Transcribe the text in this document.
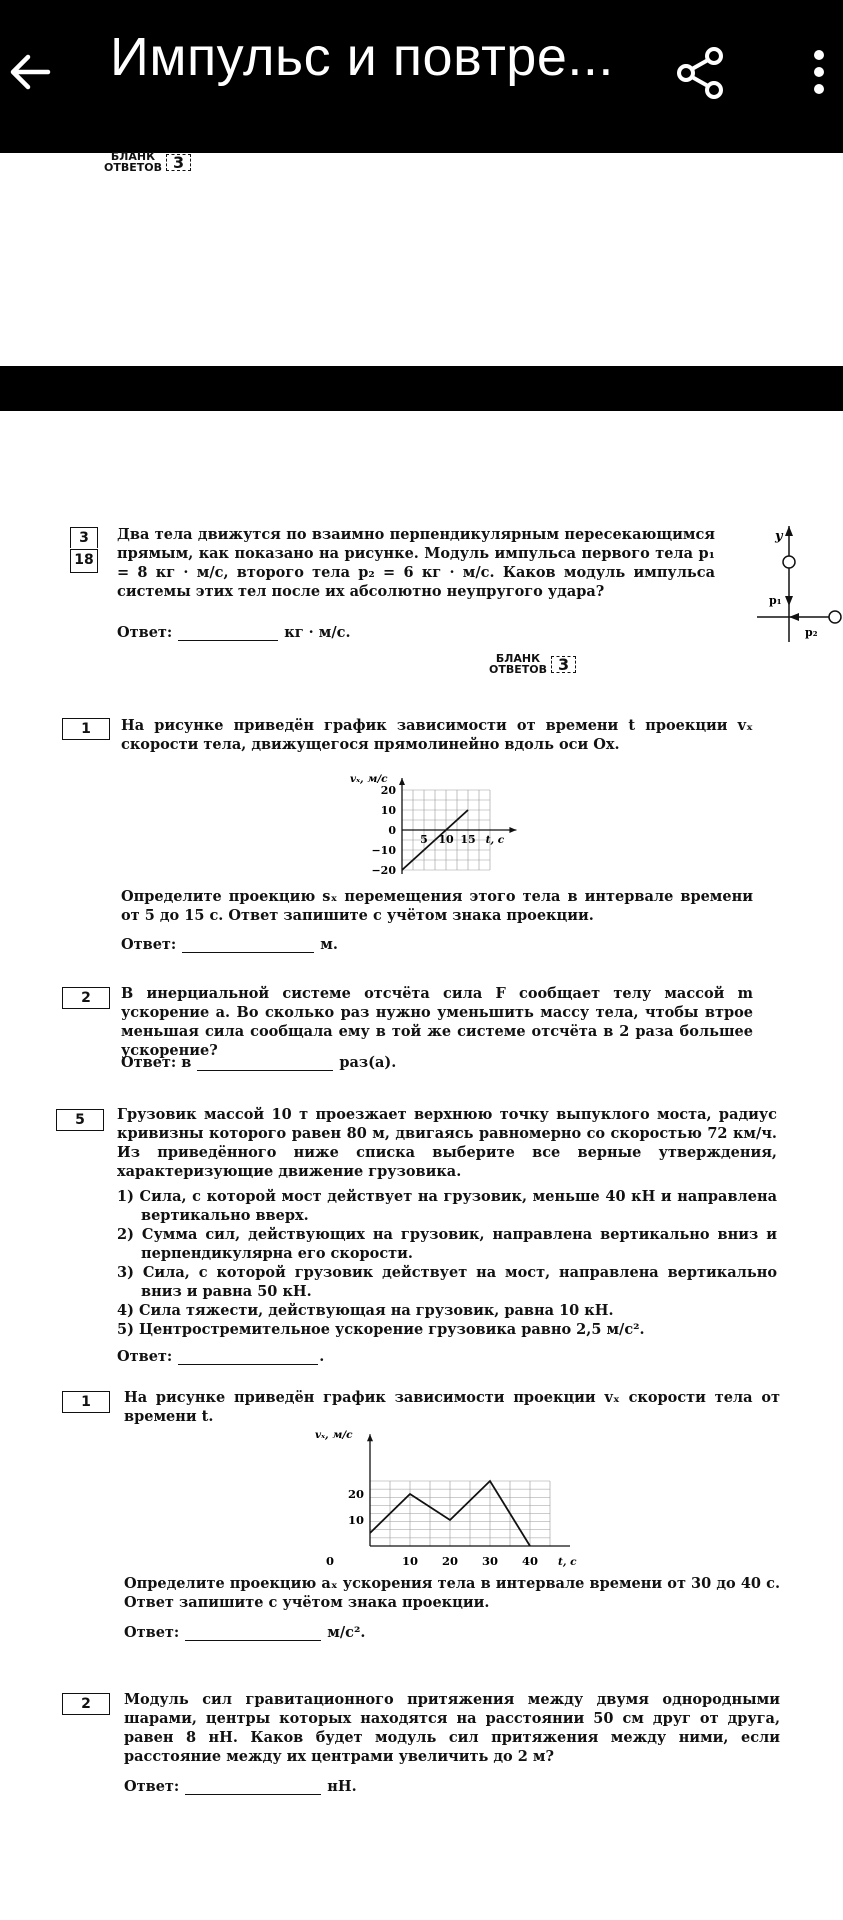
Импульс и повтре...
БЛАНК ОТВЕТОВ 3
3
18
Два тела движутся по взаимно перпендикулярным пересекающимся прямым, как показано на рисунке. Модуль импульса первого тела p₁ = 8 кг · м/с, второго тела p₂ = 6 кг · м/с. Каков модуль импульса системы этих тел после их абсолютно неупругого удара?
Ответ:	кг · м/с.
y
p₁
p₂
БЛАНК ОТВЕТОВ 3
1	На рисунке приведён график зависимости от времени t проекции vₓ скорости тела, движущегося прямолинейно вдоль оси Ox.
20
10
0
−10
−20
5 10 15
vₓ, м/с
t, с
Определите проекцию sₓ перемещения этого тела в интервале времени от 5 до 15 с. Ответ запишите с учётом знака проекции.
Ответ:	м.
2	В инерциальной системе отсчёта сила F сообщает телу массой m ускорение a. Во сколько раз нужно уменьшить массу тела, чтобы втрое меньшая сила сообщала ему в той же системе отсчёта в 2 раза большее ускорение?
Ответ: в	раз(а).
5	Грузовик массой 10 т проезжает верхнюю точку выпуклого моста, радиус кривизны которого равен 80 м, двигаясь равномерно со скоростью 72 км/ч. Из приведённого ниже списка выберите все верные утверждения, характеризующие движение грузовика.
1) Сила, с которой мост действует на грузовик, меньше 40 кН и направлена вертикально вверх.
2) Сумма сил, действующих на грузовик, направлена вертикально вниз и перпендикулярна его скорости.
3) Сила, с которой грузовик действует на мост, направлена вертикально вниз и равна 50 кН.
4) Сила тяжести, действующая на грузовик, равна 10 кН.
5) Центростремительное ускорение грузовика равно 2,5 м/с².
Ответ:	.
1	На рисунке приведён график зависимости проекции vₓ скорости тела от времени t.
10
20
0	10 20 30 40
vₓ, м/с
t, с
Определите проекцию aₓ ускорения тела в интервале времени от 30 до 40 с. Ответ запишите с учётом знака проекции.
Ответ:	м/с².
2	Модуль сил гравитационного притяжения между двумя однородными шарами, центры которых находятся на расстоянии 50 см друг от друга, равен 8 нН. Каков будет модуль сил притяжения между ними, если расстояние между их центрами увеличить до 2 м?
Ответ:	нН.
